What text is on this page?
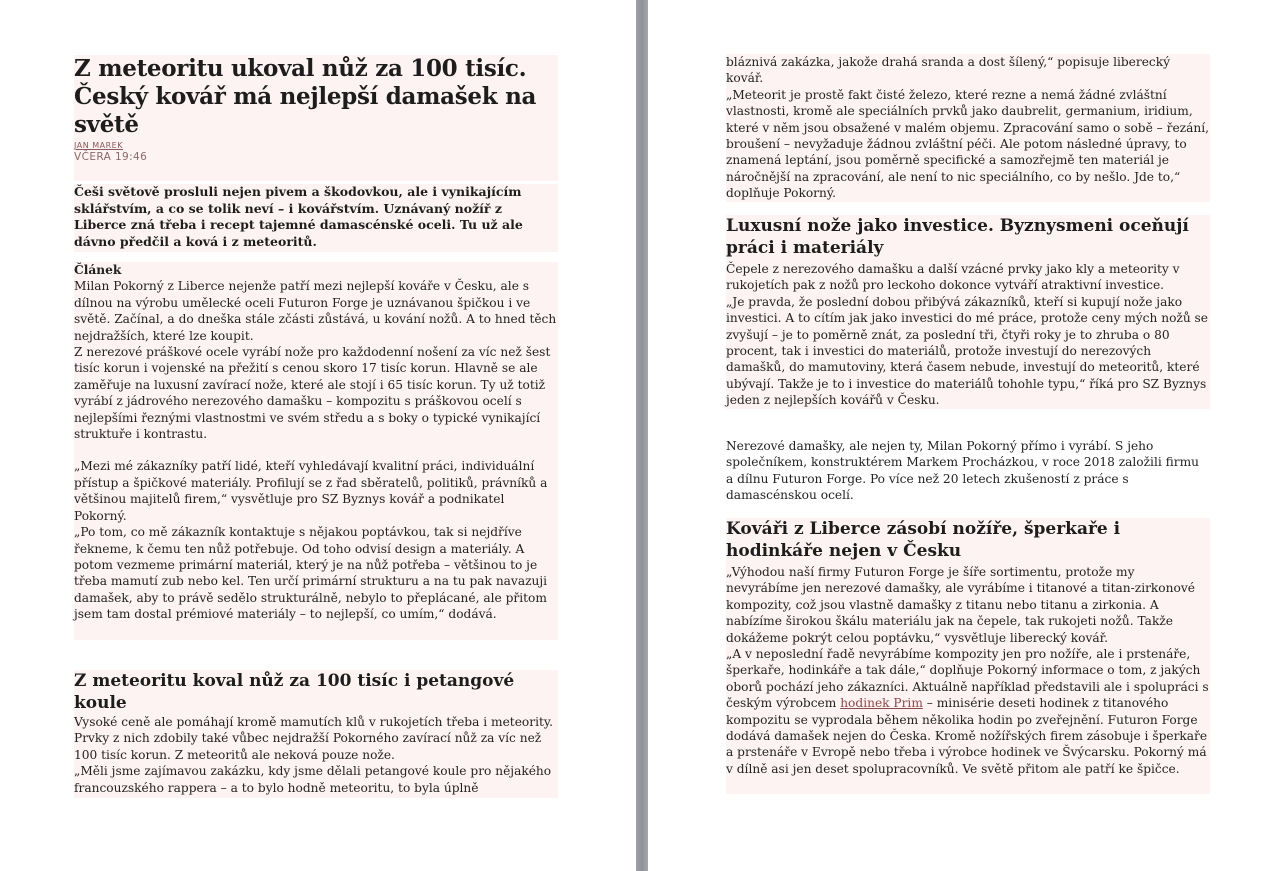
Z meteoritu ukoval nůž za 100 tisíc. Český kovář má nejlepší damašek na světě
JAN MAREK
VČERA 19:46

Češi světově prosluli nejen pivem a škodovkou, ale i vynikajícím sklářstvím, a co se tolik neví – i kovářstvím. Uznávaný nožíř z Liberce zná třeba i recept tajemné damascénské oceli. Tu už ale dávno předčil a ková i z meteoritů.

Článek

Milan Pokorný z Liberce nejenže patří mezi nejlepší kováře v Česku, ale s dílnou na výrobu umělecké oceli Futuron Forge je uznávanou špičkou i ve světě. Začínal, a do dneška stále zčásti zůstává, u kování nožů. A to hned těch nejdražších, které lze koupit.

Z nerezové práškové ocele vyrábí nože pro každodenní nošení za víc než šest tisíc korun i vojenské na přežití s cenou skoro 17 tisíc korun. Hlavně se ale zaměřuje na luxusní zavírací nože, které ale stojí i 65 tisíc korun. Ty už totiž vyrábí z jádrového nerezového damašku – kompozitu s práškovou ocelí s nejlepšími řeznými vlastnostmi ve svém středu a s boky o typické vynikající struktuře i kontrastu.

„Mezi mé zákazníky patří lidé, kteří vyhledávají kvalitní práci, individuální přístup a špičkové materiály. Profilují se z řad sběratelů, politiků, právníků a většinou majitelů firem,“ vysvětluje pro SZ Byznys kovář a podnikatel Pokorný.

„Po tom, co mě zákazník kontaktuje s nějakou poptávkou, tak si nejdříve řekneme, k čemu ten nůž potřebuje. Od toho odvisí design a materiály. A potom vezmeme primární materiál, který je na nůž potřeba – většinou to je třeba mamutí zub nebo kel. Ten určí primární strukturu a na tu pak navazuji damašek, aby to právě sedělo strukturálně, nebylo to přeplácané, ale přitom jsem tam dostal prémiové materiály – to nejlepší, co umím,“ dodává.

Z meteoritu koval nůž za 100 tisíc i petangové koule

Vysoké ceně ale pomáhají kromě mamutích klů v rukojetích třeba i meteority. Prvky z nich zdobily také vůbec nejdražší Pokorného zavírací nůž za víc než 100 tisíc korun. Z meteoritů ale neková pouze nože.

„Měli jsme zajímavou zakázku, kdy jsme dělali petangové koule pro nějakého francouzského rappera – a to bylo hodně meteoritu, to byla úplně

bláznivá zakázka, jakože drahá sranda a dost šílený,“ popisuje liberecký kovář.

„Meteorit je prostě fakt čisté železo, které rezne a nemá žádné zvláštní vlastnosti, kromě ale speciálních prvků jako daubrelit, germanium, iridium, které v něm jsou obsažené v malém objemu. Zpracování samo o sobě – řezání, broušení – nevyžaduje žádnou zvláštní péči. Ale potom následné úpravy, to znamená leptání, jsou poměrně specifické a samozřejmě ten materiál je náročnější na zpracování, ale není to nic speciálního, co by nešlo. Jde to,“ doplňuje Pokorný.

Luxusní nože jako investice. Byznysmeni oceňují práci i materiály

Čepele z nerezového damašku a další vzácné prvky jako kly a meteority v rukojetích pak z nožů pro leckoho dokonce vytváří atraktivní investice.

„Je pravda, že poslední dobou přibývá zákazníků, kteří si kupují nože jako investici. A to cítím jak jako investici do mé práce, protože ceny mých nožů se zvyšují – je to poměrně znát, za poslední tři, čtyři roky je to zhruba o 80 procent, tak i investici do materiálů, protože investují do nerezových damašků, do mamutoviny, která časem nebude, investují do meteoritů, které ubývají. Takže je to i investice do materiálů tohohle typu,“ říká pro SZ Byznys jeden z nejlepších kovářů v Česku.

Nerezové damašky, ale nejen ty, Milan Pokorný přímo i vyrábí. S jeho společníkem, konstruktérem Markem Procházkou, v roce 2018 založili firmu a dílnu Futuron Forge. Po více než 20 letech zkušeností z práce s damascénskou ocelí.

Kováři z Liberce zásobí nožíře, šperkaře i hodinkáře nejen v Česku

„Výhodou naší firmy Futuron Forge je šíře sortimentu, protože my nevyrábíme jen nerezové damašky, ale vyrábíme i titanové a titan-zirkonové kompozity, což jsou vlastně damašky z titanu nebo titanu a zirkonia. A nabízíme širokou škálu materiálu jak na čepele, tak rukojeti nožů. Takže dokážeme pokrýt celou poptávku,“ vysvětluje liberecký kovář.

„A v neposlední řadě nevyrábíme kompozity jen pro nožíře, ale i prstenáře, šperkaře, hodinkáře a tak dále,“ doplňuje Pokorný informace o tom, z jakých oborů pochází jeho zákazníci. Aktuálně například představili ale i spolupráci s českým výrobcem hodinek Prim – minisérie deseti hodinek z titanového kompozitu se vyprodala během několika hodin po zveřejnění. Futuron Forge dodává damašek nejen do Česka. Kromě nožířských firem zásobuje i šperkaře a prstenáře v Evropě nebo třeba i výrobce hodinek ve Švýcarsku. Pokorný má v dílně asi jen deset spolupracovníků. Ve světě přitom ale patří ke špičce.
